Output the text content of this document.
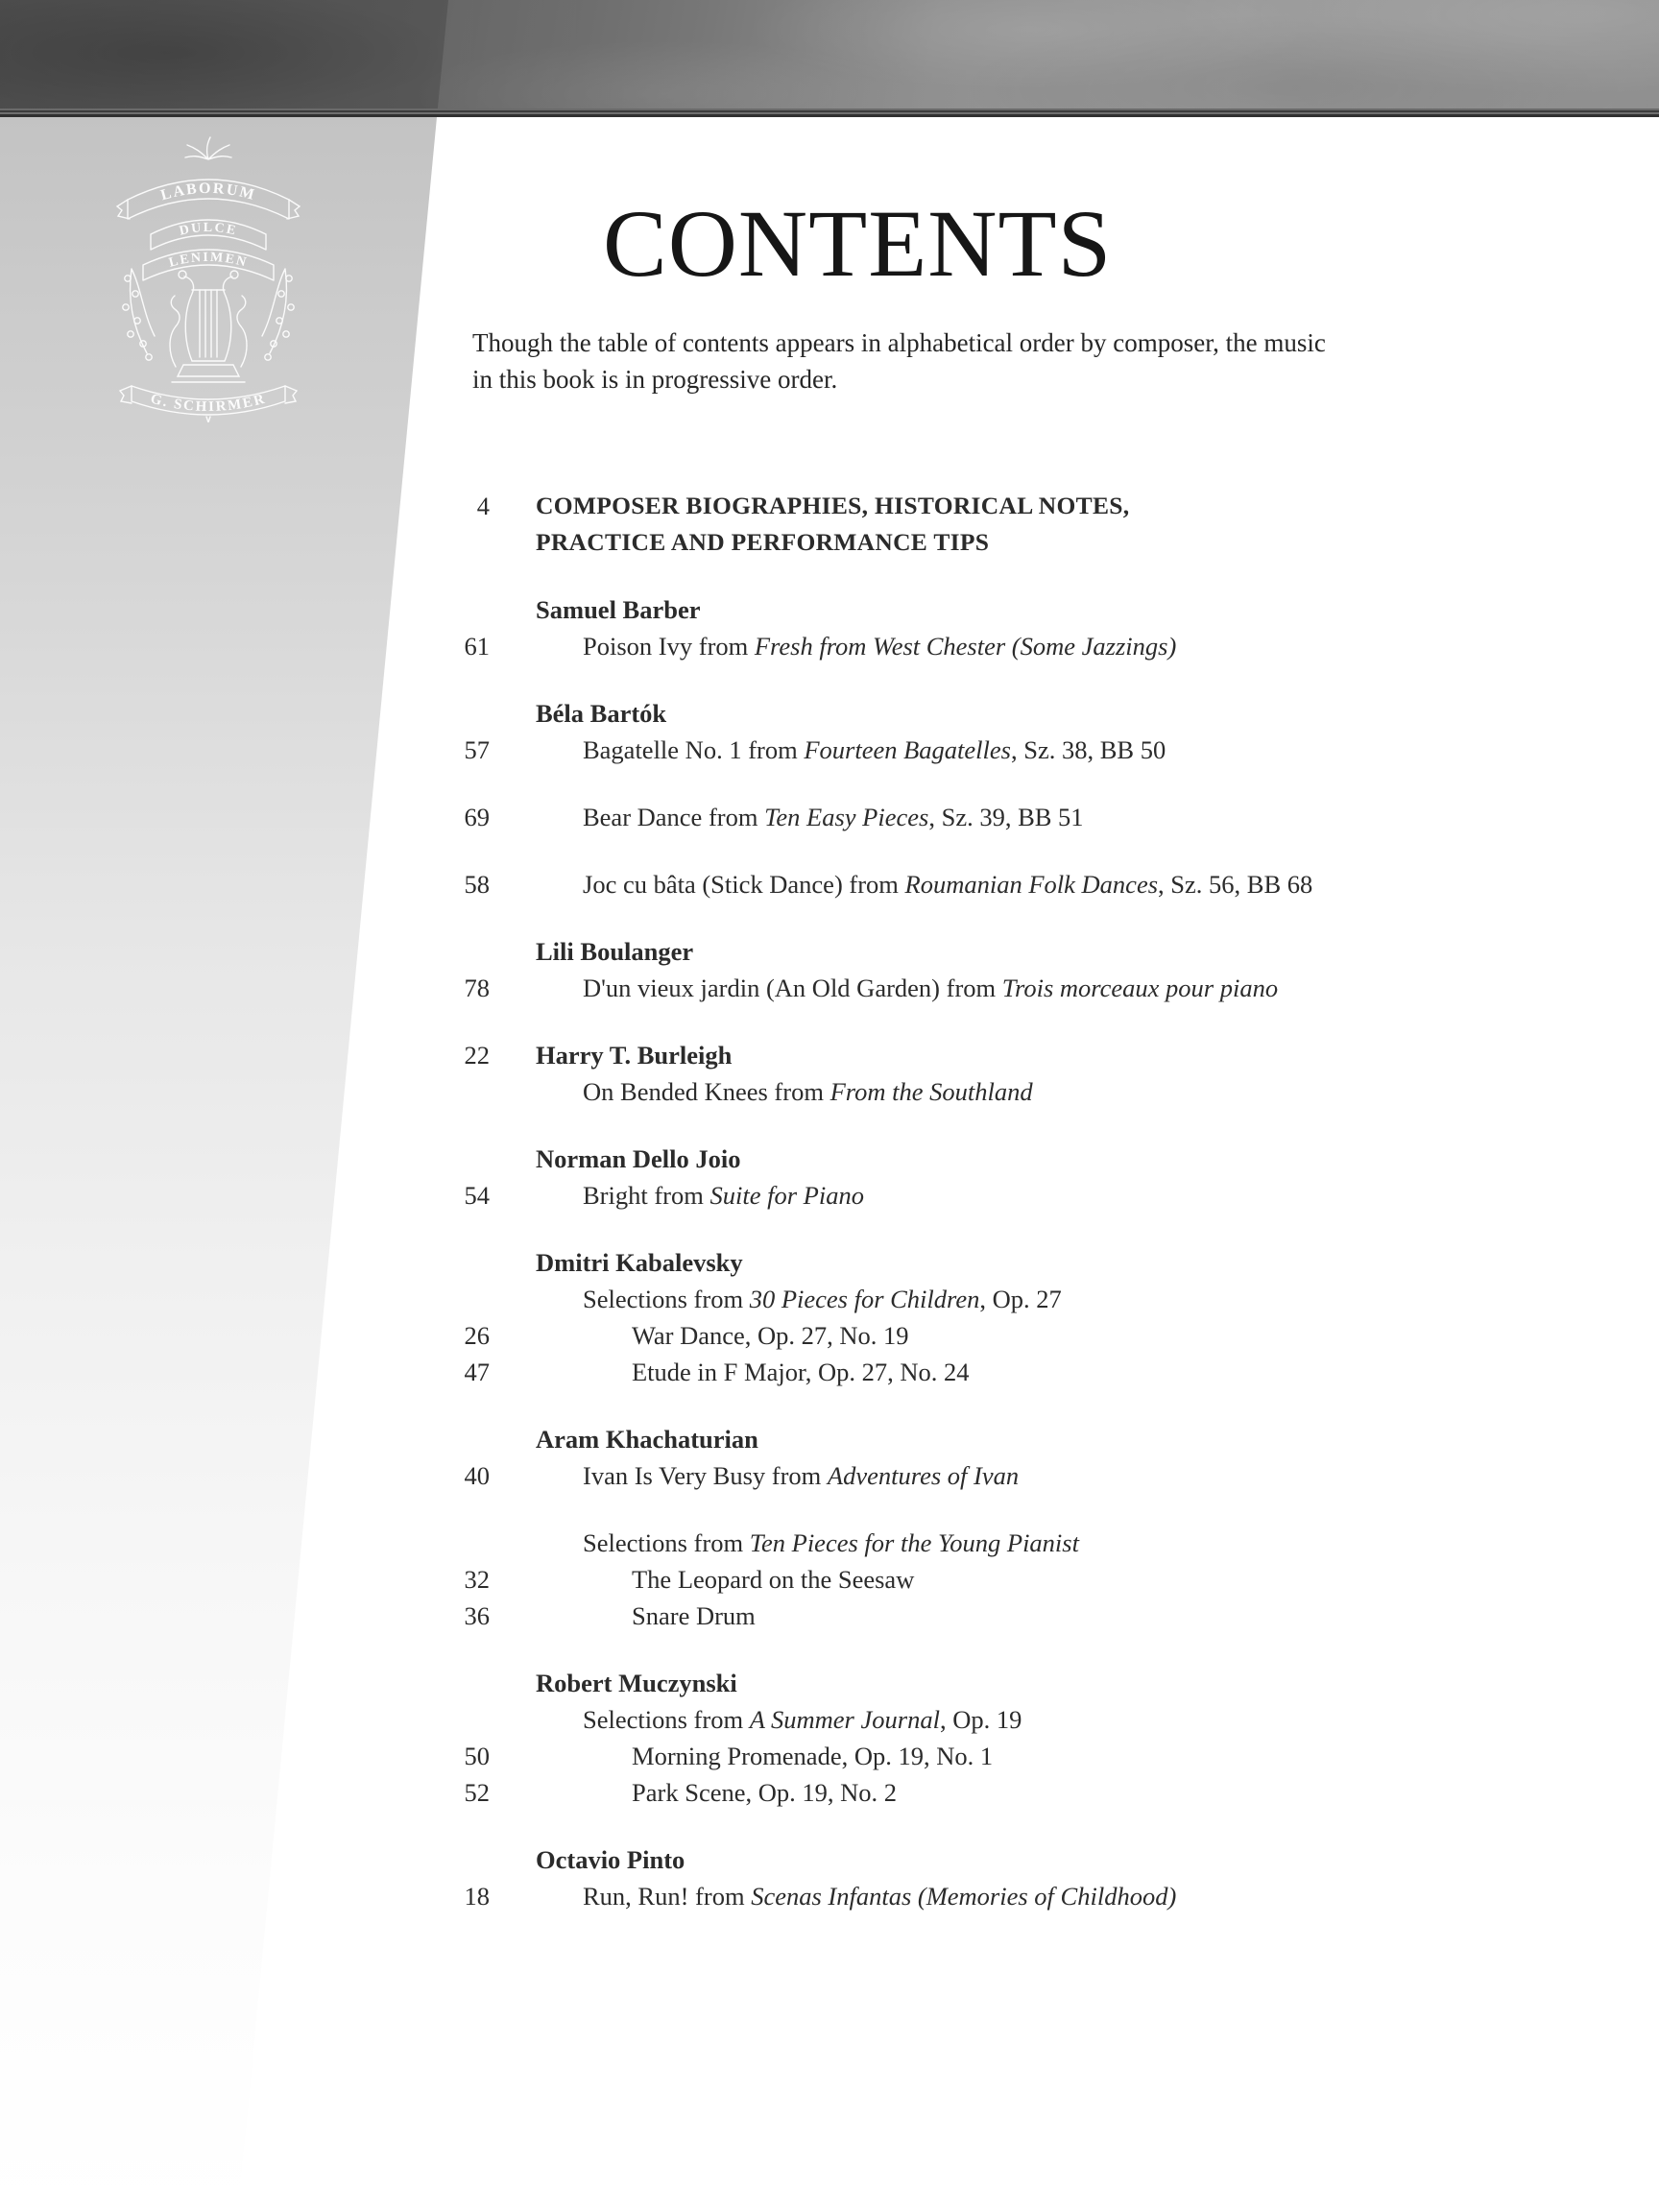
LABORUM
DULCE
LENIMEN
G. SCHIRMER
CONTENTS

Though the table of contents appears in alphabetical order by composer, the music
in this book is in progressive order.

4 COMPOSER BIOGRAPHIES, HISTORICAL NOTES,
PRACTICE AND PERFORMANCE TIPS
Samuel Barber
61	Poison Ivy from Fresh from West Chester (Some Jazzings)
Béla Bartók
57	Bagatelle No. 1 from Fourteen Bagatelles, Sz. 38, BB 50
69	Bear Dance from Ten Easy Pieces, Sz. 39, BB 51
58	Joc cu bâta (Stick Dance) from Roumanian Folk Dances, Sz. 56, BB 68
Lili Boulanger
78	D'un vieux jardin (An Old Garden) from Trois morceaux pour piano
22 Harry T. Burleigh
On Bended Knees from From the Southland
Norman Dello Joio
54	Bright from Suite for Piano
Dmitri Kabalevsky
Selections from 30 Pieces for Children, Op. 27
26	War Dance, Op. 27, No. 19
47	Etude in F Major, Op. 27, No. 24
Aram Khachaturian
40	Ivan Is Very Busy from Adventures of Ivan
Selections from Ten Pieces for the Young Pianist
32	The Leopard on the Seesaw
36	Snare Drum
Robert Muczynski
Selections from A Summer Journal, Op. 19
50	Morning Promenade, Op. 19, No. 1
52	Park Scene, Op. 19, No. 2
Octavio Pinto
18	Run, Run! from Scenas Infantas (Memories of Childhood)
